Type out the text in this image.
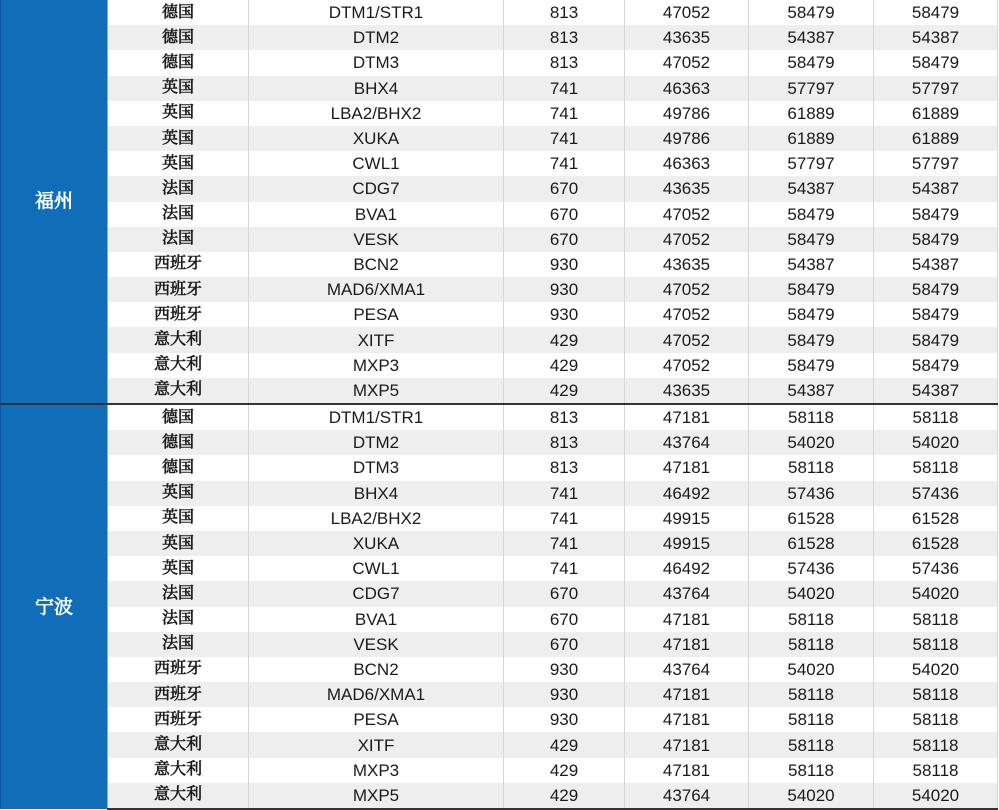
福州	德国	DTM1/STR1	813	47052	58479	58479
	德国	DTM2	813	43635	54387	54387
	德国	DTM3	813	47052	58479	58479
	英国	BHX4	741	46363	57797	57797
	英国	LBA2/BHX2	741	49786	61889	61889
	英国	XUKA	741	49786	61889	61889
	英国	CWL1	741	46363	57797	57797
	法国	CDG7	670	43635	54387	54387
	法国	BVA1	670	47052	58479	58479
	法国	VESK	670	47052	58479	58479
	西班牙	BCN2	930	43635	54387	54387
	西班牙	MAD6/XMA1	930	47052	58479	58479
	西班牙	PESA	930	47052	58479	58479
	意大利	XITF	429	47052	58479	58479
	意大利	MXP3	429	47052	58479	58479
	意大利	MXP5	429	43635	54387	54387
宁波	德国	DTM1/STR1	813	47181	58118	58118
	德国	DTM2	813	43764	54020	54020
	德国	DTM3	813	47181	58118	58118
	英国	BHX4	741	46492	57436	57436
	英国	LBA2/BHX2	741	49915	61528	61528
	英国	XUKA	741	49915	61528	61528
	英国	CWL1	741	46492	57436	57436
	法国	CDG7	670	43764	54020	54020
	法国	BVA1	670	47181	58118	58118
	法国	VESK	670	47181	58118	58118
	西班牙	BCN2	930	43764	54020	54020
	西班牙	MAD6/XMA1	930	47181	58118	58118
	西班牙	PESA	930	47181	58118	58118
	意大利	XITF	429	47181	58118	58118
	意大利	MXP3	429	47181	58118	58118
	意大利	MXP5	429	43764	54020	54020
